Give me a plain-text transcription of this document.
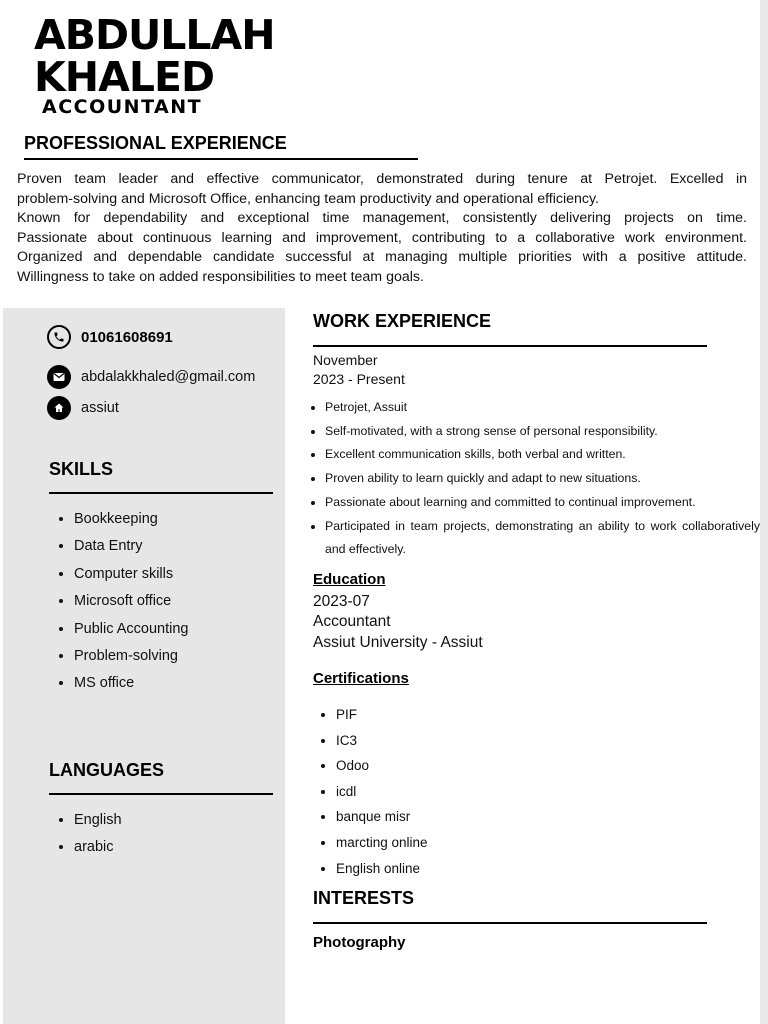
ABDULLAH
KHALED
ACCOUNTANT
PROFESSIONAL EXPERIENCE

Proven team leader and effective communicator, demonstrated during tenure at Petrojet. Excelled in

problem-solving and Microsoft Office, enhancing team productivity and operational efficiency.

Known for dependability and exceptional time management, consistently delivering projects on time.

Passionate about continuous learning and improvement, contributing to a collaborative work environment.

Organized and dependable candidate successful at managing multiple priorities with a positive attitude.

Willingness to take on added responsibilities to meet team goals.

01061608691
abdalakkhaled@gmail.com
assiut
SKILLS
• Bookkeeping
• Data Entry
• Computer skills
• Microsoft office
• Public Accounting
• Problem-solving
• MS office
LANGUAGES
• English
• arabic
WORK EXPERIENCE
November
2023 - Present
• Petrojet, Assuit
• Self-motivated, with a strong sense of personal responsibility.
• Excellent communication skills, both verbal and written.
• Proven ability to learn quickly and adapt to new situations.
• Passionate about learning and committed to continual improvement.
• Participated in team projects, demonstrating an ability to work collaboratively and effectively.
Education
2023-07
Accountant
Assiut University - Assiut
Certifications
• PIF
• IC3
• Odoo
• icdl
• banque misr
• marcting online
• English online
INTERESTS
Photography
